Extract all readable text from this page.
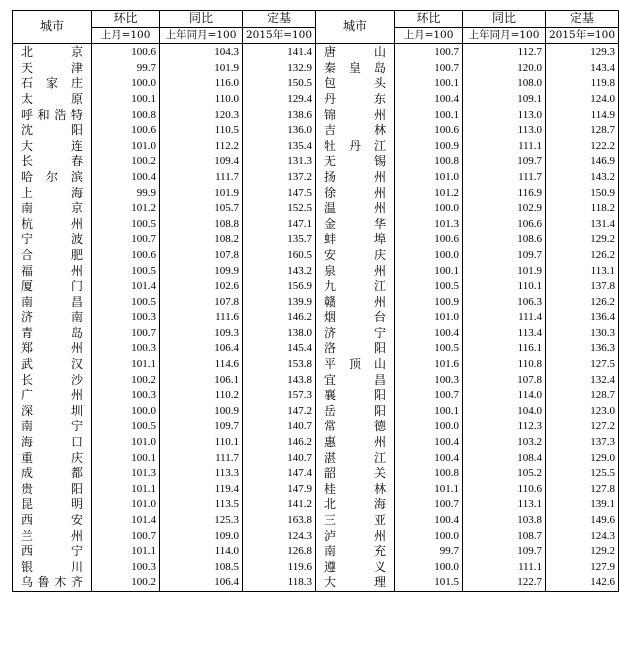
城市	环比	同比	定基	城市	环比	同比	定基
	上月=100	上年同月=100	2015年=100		上月=100	上年同月=100	2015年=100
北京	100.6	104.3	141.4	唐山	100.7	112.7	129.3
天津	99.7	101.9	132.9	秦皇岛	100.7	120.0	143.4
石家庄	100.0	116.0	150.5	包头	100.1	108.0	119.8
太原	100.1	110.0	129.4	丹东	100.4	109.1	124.0
呼和浩特	100.8	120.3	138.6	锦州	100.1	113.0	114.9
沈阳	100.6	110.5	136.0	吉林	100.6	113.0	128.7
大连	101.0	112.2	135.4	牡丹江	100.9	111.1	122.2
长春	100.2	109.4	131.3	无锡	100.8	109.7	146.9
哈尔滨	100.4	111.7	137.2	扬州	101.0	111.7	143.2
上海	99.9	101.9	147.5	徐州	101.2	116.9	150.9
南京	101.2	105.7	152.5	温州	100.0	102.9	118.2
杭州	100.5	108.8	147.1	金华	101.3	106.6	131.4
宁波	100.7	108.2	135.7	蚌埠	100.6	108.6	129.2
合肥	100.6	107.8	160.5	安庆	100.0	109.7	126.2
福州	100.5	109.9	143.2	泉州	100.1	101.9	113.1
厦门	101.4	102.6	156.9	九江	100.5	110.1	137.8
南昌	100.5	107.8	139.9	赣州	100.9	106.3	126.2
济南	100.3	111.6	146.2	烟台	101.0	111.4	136.4
青岛	100.7	109.3	138.0	济宁	100.4	113.4	130.3
郑州	100.3	106.4	145.4	洛阳	100.5	116.1	136.3
武汉	101.1	114.6	153.8	平顶山	101.6	110.8	127.5
长沙	100.2	106.1	143.8	宜昌	100.3	107.8	132.4
广州	100.3	110.2	157.3	襄阳	100.7	114.0	128.7
深圳	100.0	100.9	147.2	岳阳	100.1	104.0	123.0
南宁	100.5	109.7	140.7	常德	100.0	112.3	127.2
海口	101.0	110.1	146.2	惠州	100.4	103.2	137.3
重庆	100.1	111.7	140.7	湛江	100.4	108.4	129.0
成都	101.3	113.3	147.4	韶关	100.8	105.2	125.5
贵阳	101.1	119.4	147.9	桂林	101.1	110.6	127.8
昆明	101.0	113.5	141.2	北海	100.7	113.1	139.1
西安	101.4	125.3	163.8	三亚	100.4	103.8	149.6
兰州	100.7	109.0	124.3	泸州	100.0	108.7	124.3
西宁	101.1	114.0	126.8	南充	99.7	109.7	129.2
银川	100.3	108.5	119.6	遵义	100.0	111.1	127.9
乌鲁木齐	100.2	106.4	118.3	大理	101.5	122.7	142.6
